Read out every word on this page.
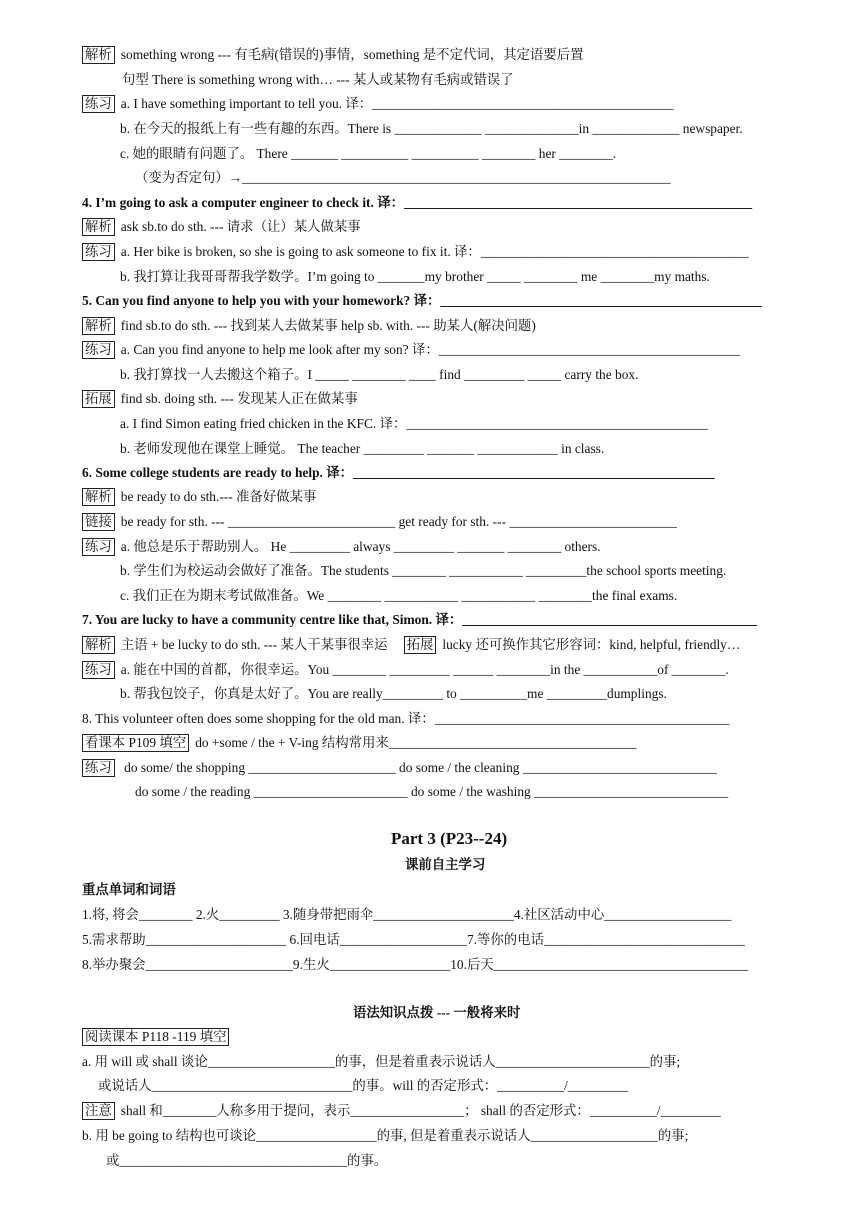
解析 something wrong --- 有毛病(错误的)事情，something 是不定代词，其定语要后置
句型 There is something wrong with… --- 某人或某物有毛病或错误了
练习 a. I have something important to tell you. 译：_____________________________________________
b. 在今天的报纸上有一些有趣的东西。There is _____________ ______________in _____________ newspaper.
c. 她的眼睛有问题了。 There _______ __________ __________ ________ her ________.
（变为否定句）→________________________________________________________________
4. I’m going to ask a computer engineer to check it. 译：____________________________________________________
解析 ask sb.to do sth. --- 请求（让）某人做某事
练习 a. Her bike is broken, so she is going to ask someone to fix it. 译：________________________________________
b. 我打算让我哥哥帮我学数学。I’m going to _______my brother _____ ________ me ________my maths.
5. Can you find anyone to help you with your homework? 译：________________________________________________
解析 find sb.to do sth. --- 找到某人去做某事 help sb. with. --- 助某人(解决问题)
练习 a. Can you find anyone to help me look after my son? 译：_____________________________________________
b. 我打算找一人去搬这个箱子。I _____ ________ ____ find _________ _____ carry the box.
拓展 find sb. doing sth. --- 发现某人正在做某事
a. I find Simon eating fried chicken in the KFC. 译：_____________________________________________
b. 老师发现他在课堂上睡觉。 The teacher _________ _______ ____________ in class.
6. Some college students are ready to help. 译：______________________________________________________
解析 be ready to do sth.--- 准备好做某事
链接 be ready for sth. --- _________________________ get ready for sth. --- _________________________
练习 a. 他总是乐于帮助别人。 He _________ always _________ _______ ________ others.
b. 学生们为校运动会做好了准备。The students ________ ___________ _________the school sports meeting.
c. 我们正在为期末考试做准备。We ________ ___________ ___________ ________the final exams.
7. You are lucky to have a community centre like that, Simon. 译：____________________________________________
解析 主语 + be lucky to do sth. --- 某人干某事很幸运 拓展 lucky 还可换作其它形容词：kind, helpful, friendly…
练习 a. 能在中国的首都，你很幸运。You ________ _________ ______ ________in the ___________of ________.
b. 帮我包饺子，你真是太好了。You are really_________ to __________me _________dumplings.
8. This volunteer often does some shopping for the old man. 译：____________________________________________
看课本 P109 填空 do +some / the + V-ing 结构常用来_____________________________________
练习 do some/ the shopping ______________________ do some / the cleaning _____________________________
do some / the reading _______________________ do some / the washing _____________________________
Part 3 (P23--24)
课前自主学习
重点单词和词语
1.将, 将会________ 2.火_________ 3.随身带把雨伞_____________________4.社区活动中心___________________
5.需求帮助_____________________ 6.回电话___________________7.等你的电话______________________________
8.举办聚会______________________9.生火__________________10.后天______________________________________
语法知识点拨 --- 一般将来时
阅读课本 P118 -119 填空
a. 用 will 或 shall 谈论___________________的事，但是着重表示说话人_______________________的事;
或说话人______________________________的事。will 的否定形式：__________/_________
注意 shall 和________人称多用于提问，表示_________________； shall 的否定形式：__________/_________
b. 用 be going to 结构也可谈论__________________的事, 但是着重表示说话人___________________的事;
或__________________________________的事。
